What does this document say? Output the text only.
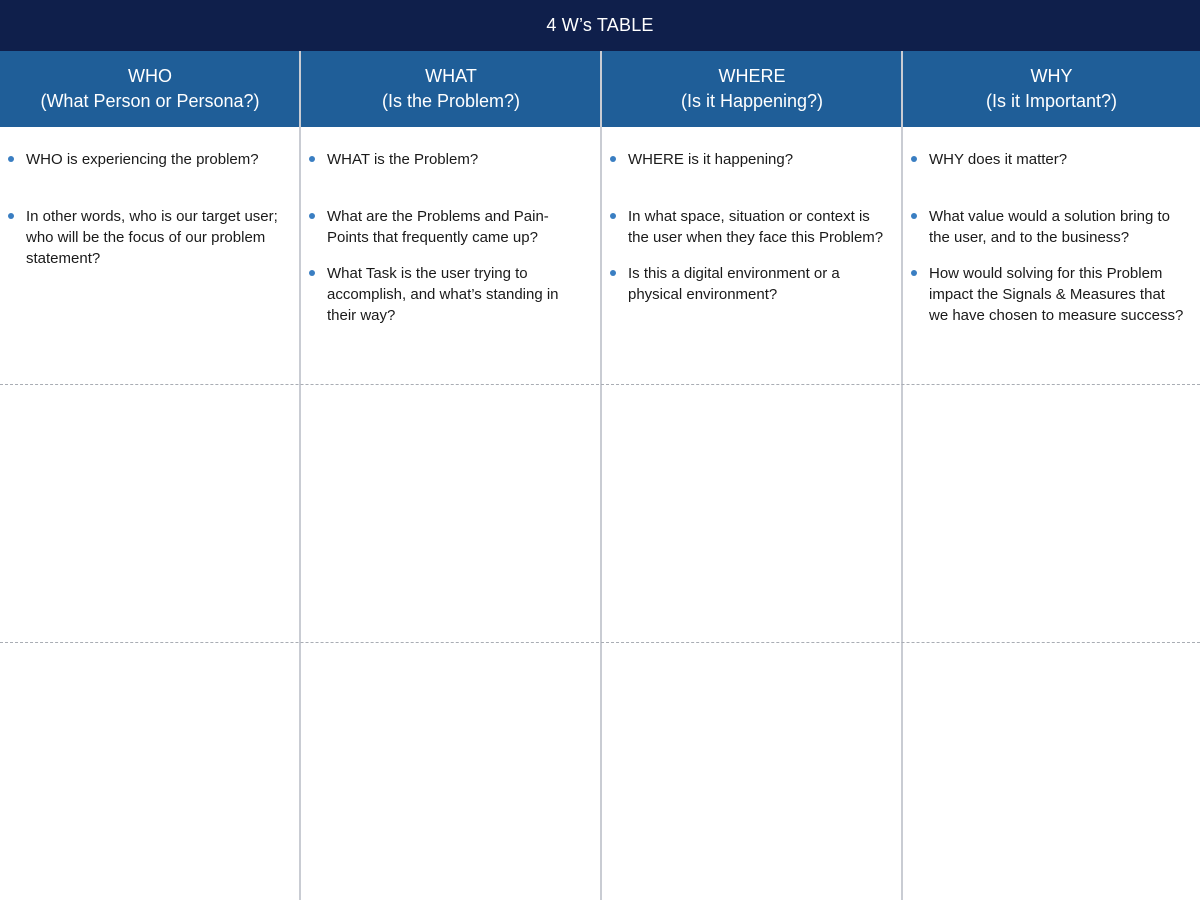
4 W’s TABLE
WHO
(What Person or Persona?)
WHO is experiencing the problem?
In other words, who is our target user; who will be the focus of our problem statement?
WHAT
(Is the Problem?)
WHAT is the Problem?
What are the Problems and Pain-Points that frequently came up?
What Task is the user trying to accomplish, and what’s standing in their way?
WHERE
(Is it Happening?)
WHERE is it happening?
In what space, situation or context is the user when they face this Problem?
Is this a digital environment or a physical environment?
WHY
(Is it Important?)
WHY does it matter?
What value would a solution bring to the user, and to the business?
How would solving for this Problem impact the Signals & Measures that we have chosen to measure success?
